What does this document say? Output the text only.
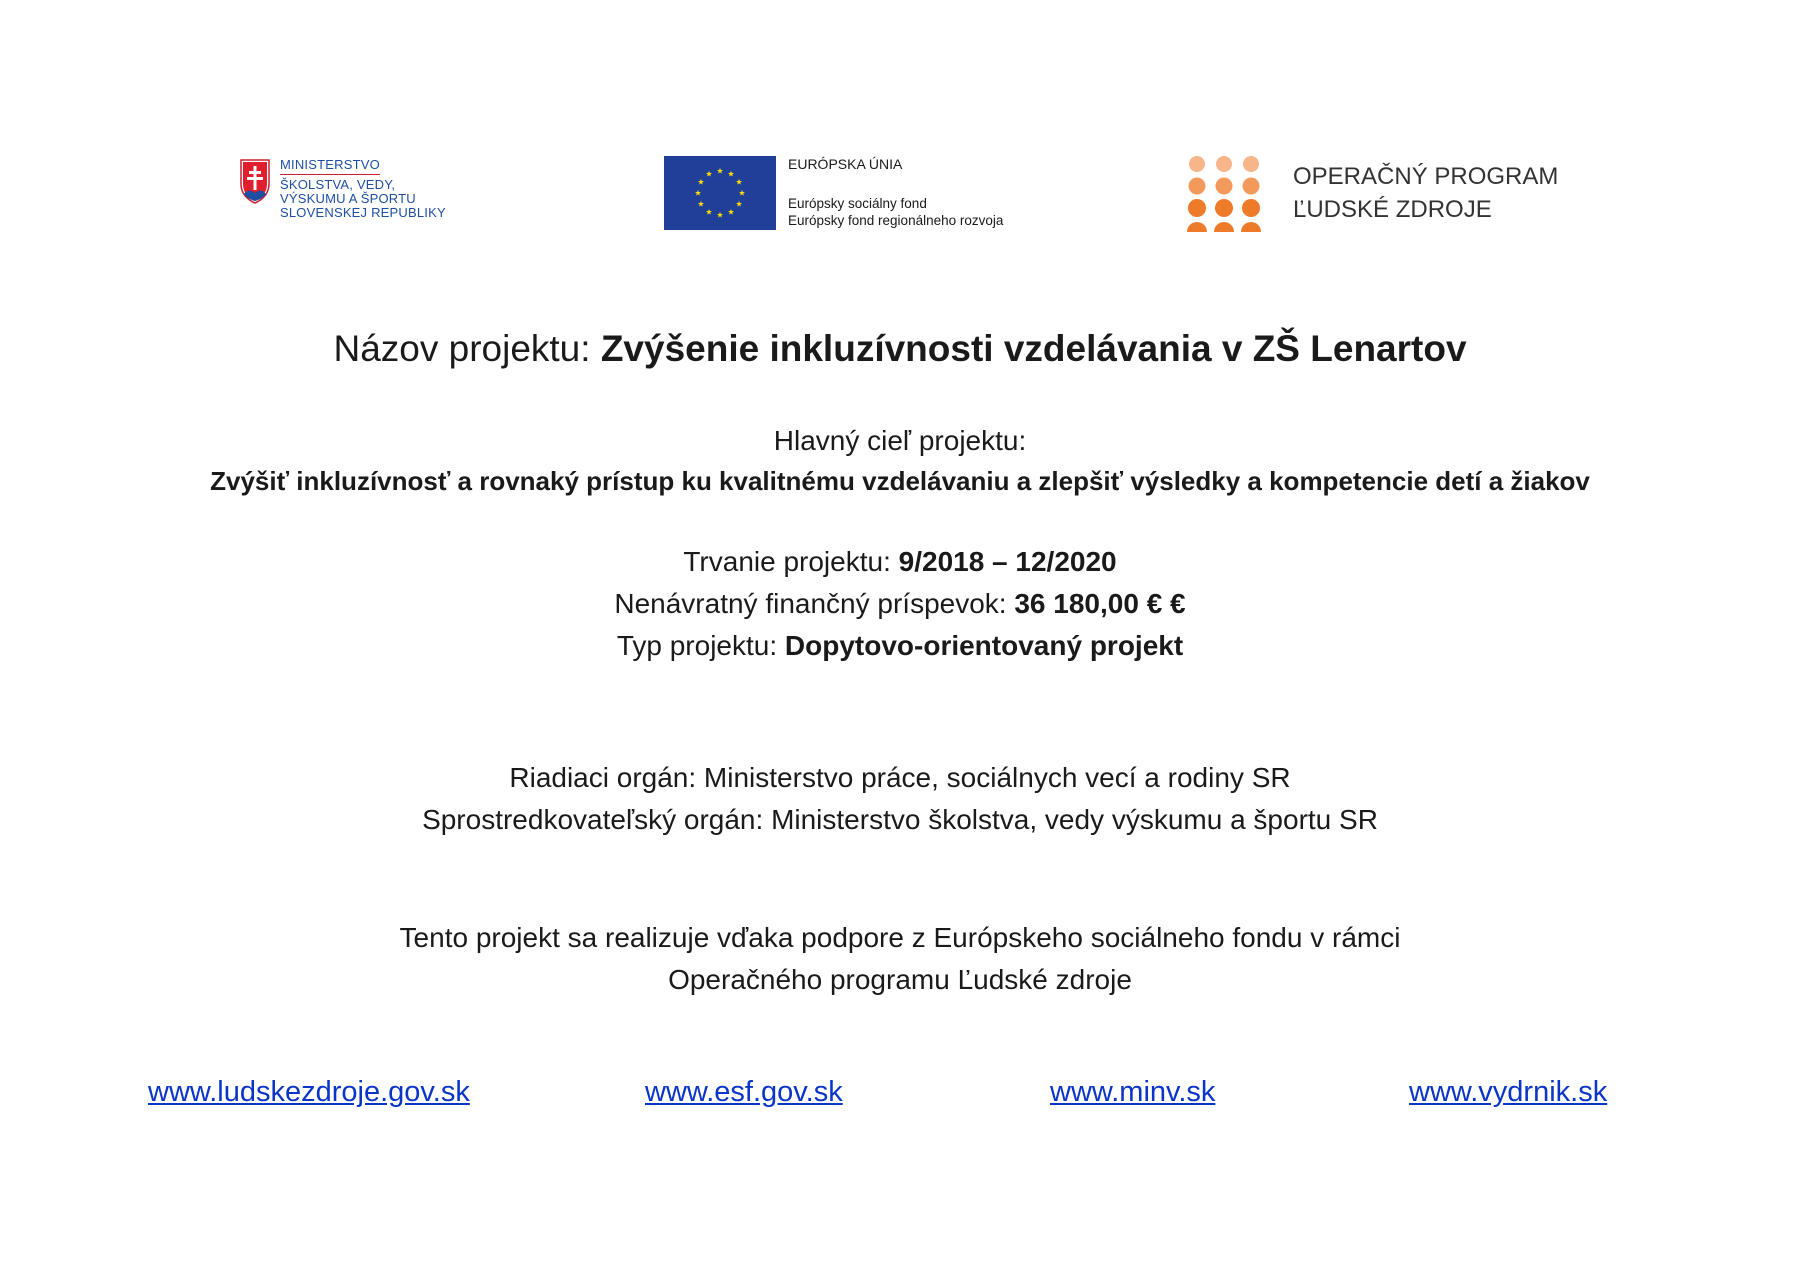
MINISTERSTVO
ŠKOLSTVA, VEDY,
VÝSKUMU A ŠPORTU
SLOVENSKEJ REPUBLIKY
EURÓPSKA ÚNIA
Európsky sociálny fond
Európsky fond regionálneho rozvoja
OPERAČNÝ PROGRAM
ĽUDSKÉ ZDROJE
Názov projektu: Zvýšenie inkluzívnosti vzdelávania v ZŠ Lenartov
Hlavný cieľ projektu:
Zvýšiť inkluzívnosť a rovnaký prístup ku kvalitnému vzdelávaniu a zlepšiť výsledky a kompetencie detí a žiakov
Trvanie projektu: 9/2018 – 12/2020
Nenávratný finančný príspevok: 36 180,00 € €
Typ projektu: Dopytovo-orientovaný projekt
Riadiaci orgán: Ministerstvo práce, sociálnych vecí a rodiny SR
Sprostredkovateľský orgán: Ministerstvo školstva, vedy výskumu a športu SR
Tento projekt sa realizuje vďaka podpore z Európskeho sociálneho fondu v rámci
Operačného programu Ľudské zdroje
www.ludskezdroje.gov.sk	www.esf.gov.sk	www.minv.sk	www.vydrnik.sk
